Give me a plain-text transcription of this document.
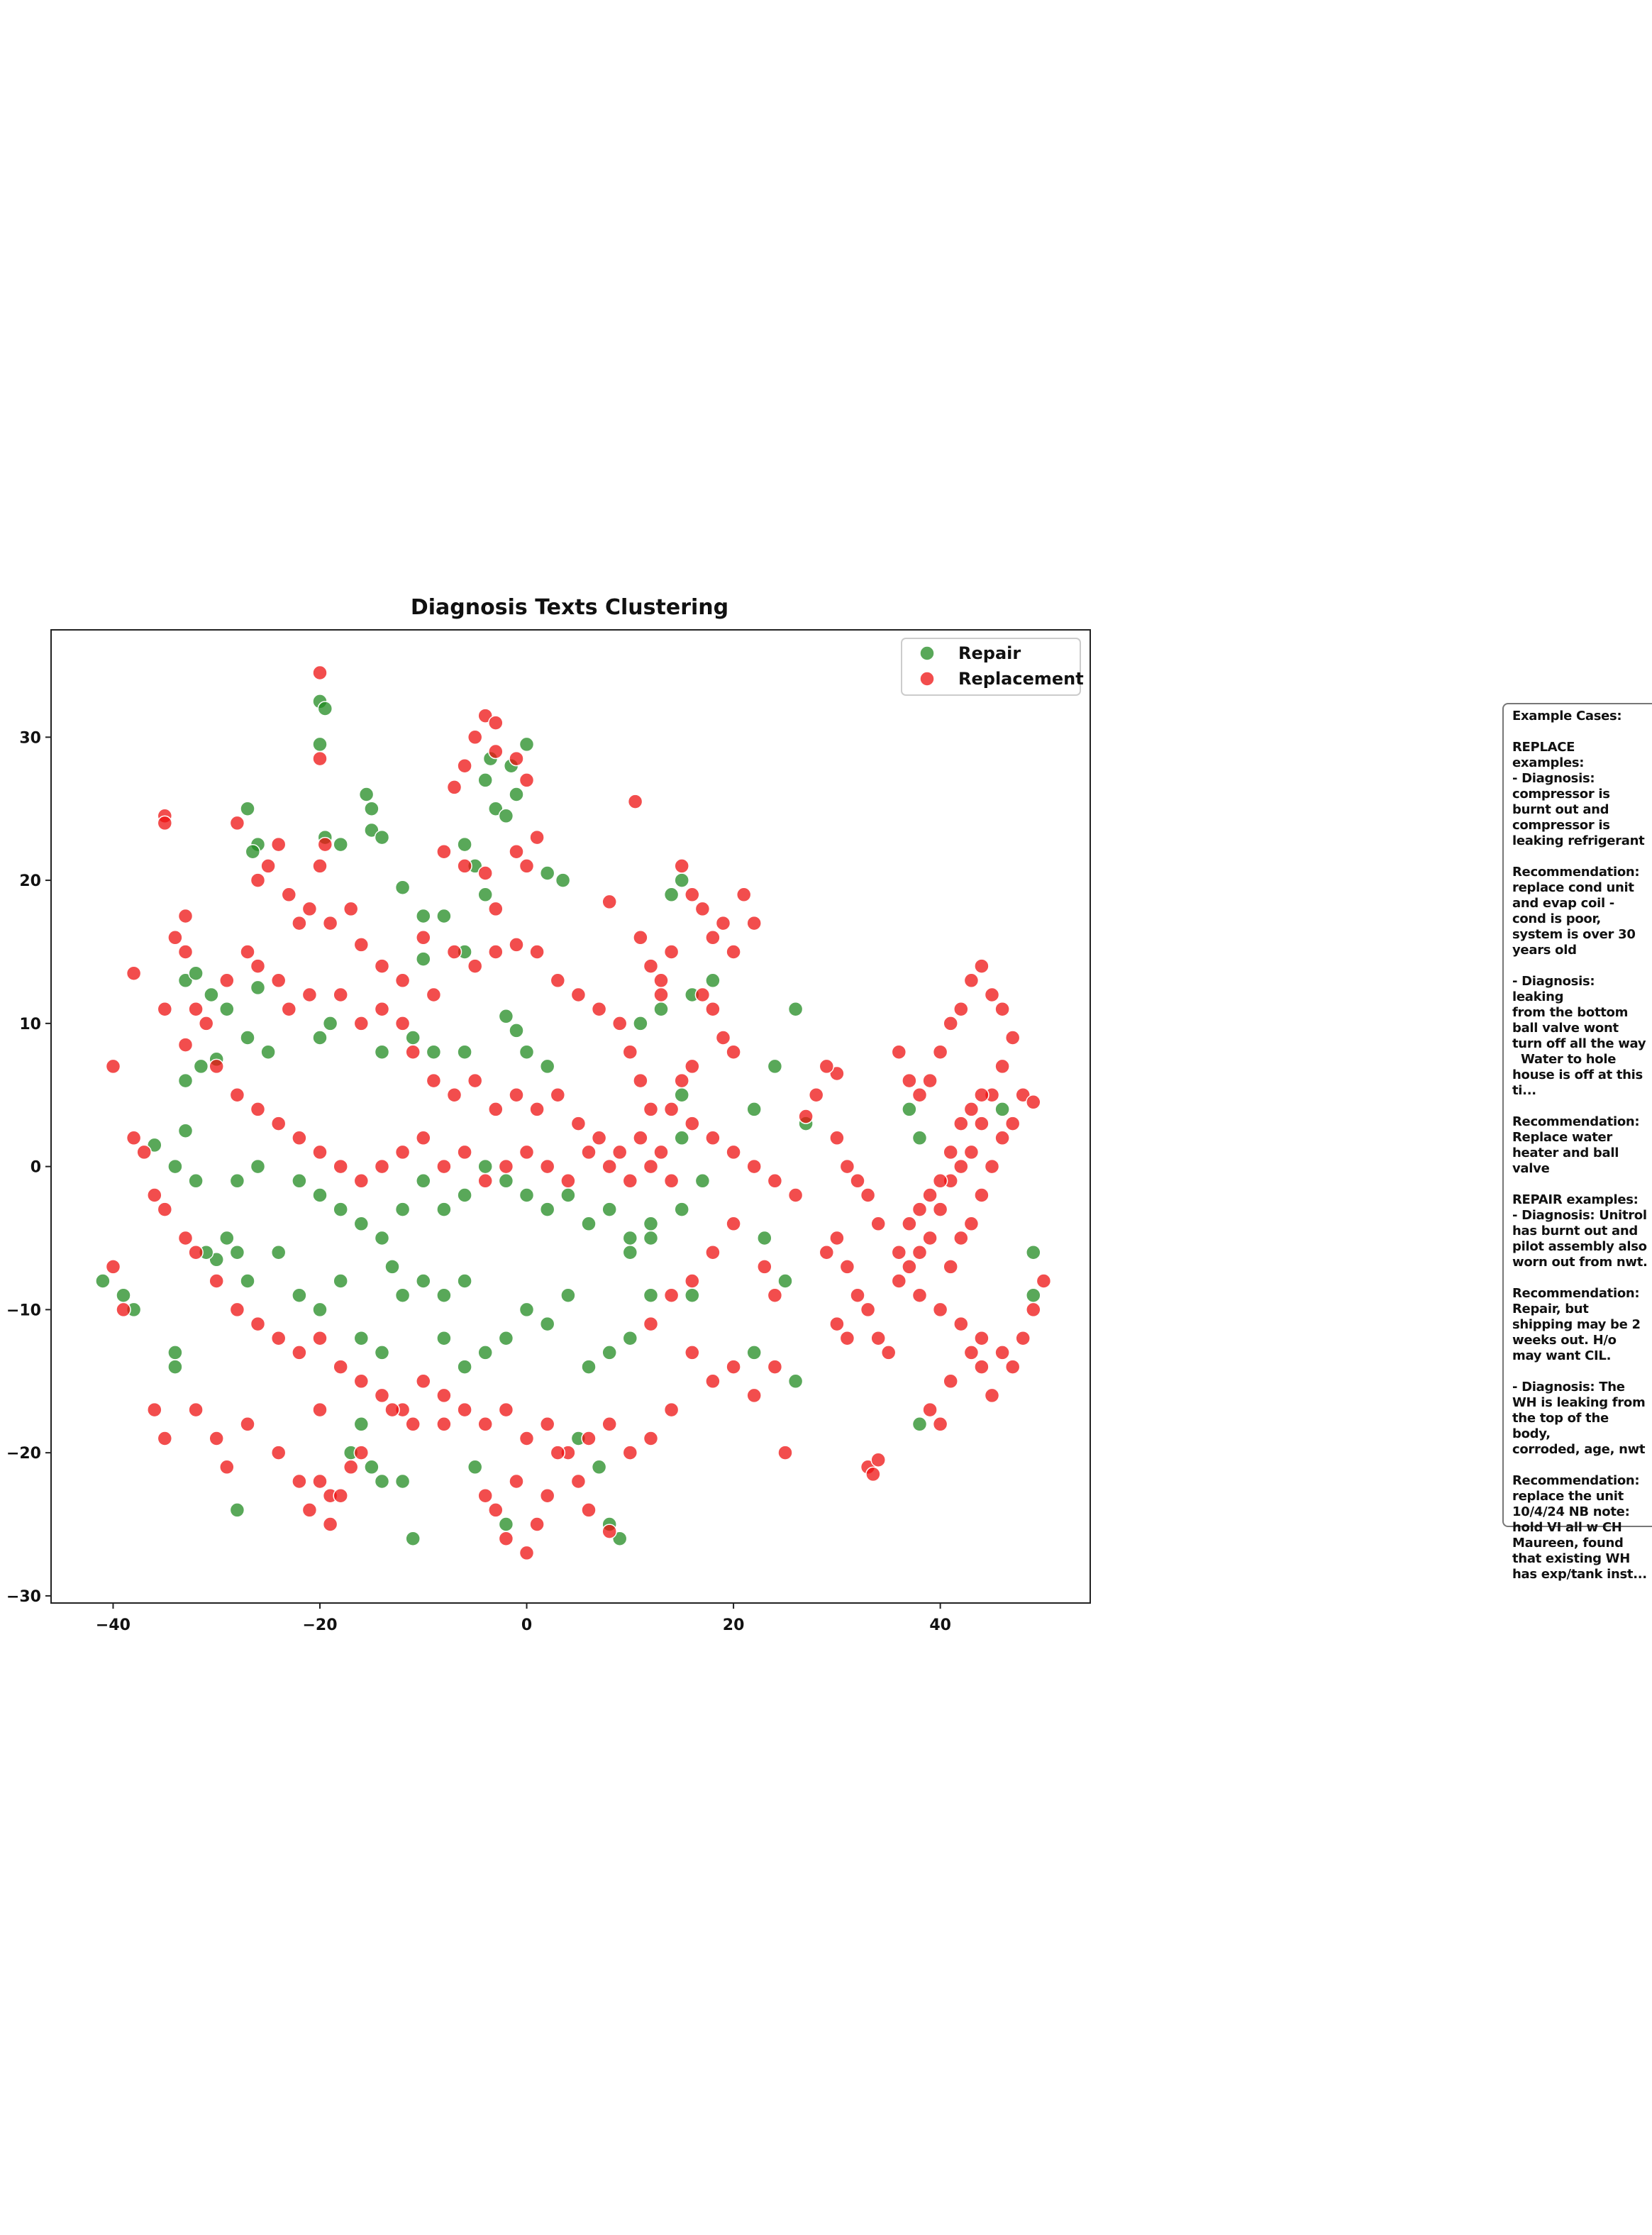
Diagnosis Texts Clustering
−40	−20	0	20	40
−30
−20
−10
0
10
20
30
Repair
Replacement
Example Cases:

REPLACE
examples:
- Diagnosis:
compressor is
burnt out and
compressor is
leaking refrigerant
Recommendation:
replace cond unit
and evap coil -
cond is poor,
system is over 30
years old

- Diagnosis: leaking
from the bottom
ball valve wont
turn off all the way
Water to hole
house is off at this
ti...
Recommendation:
Replace water
heater and ball
valve

REPAIR examples:
- Diagnosis: Unitrol
has burnt out and
pilot assembly also
worn out from nwt.
Recommendation:
Repair, but
shipping may be 2
weeks out. H/o
may want CIL.

- Diagnosis: The
WH is leaking from
the top of the body,
corroded, age, nwt
Recommendation:
replace the unit
10/4/24 NB note:
hold VI all w CH
Maureen, found
that existing WH
has exp/tank inst...
